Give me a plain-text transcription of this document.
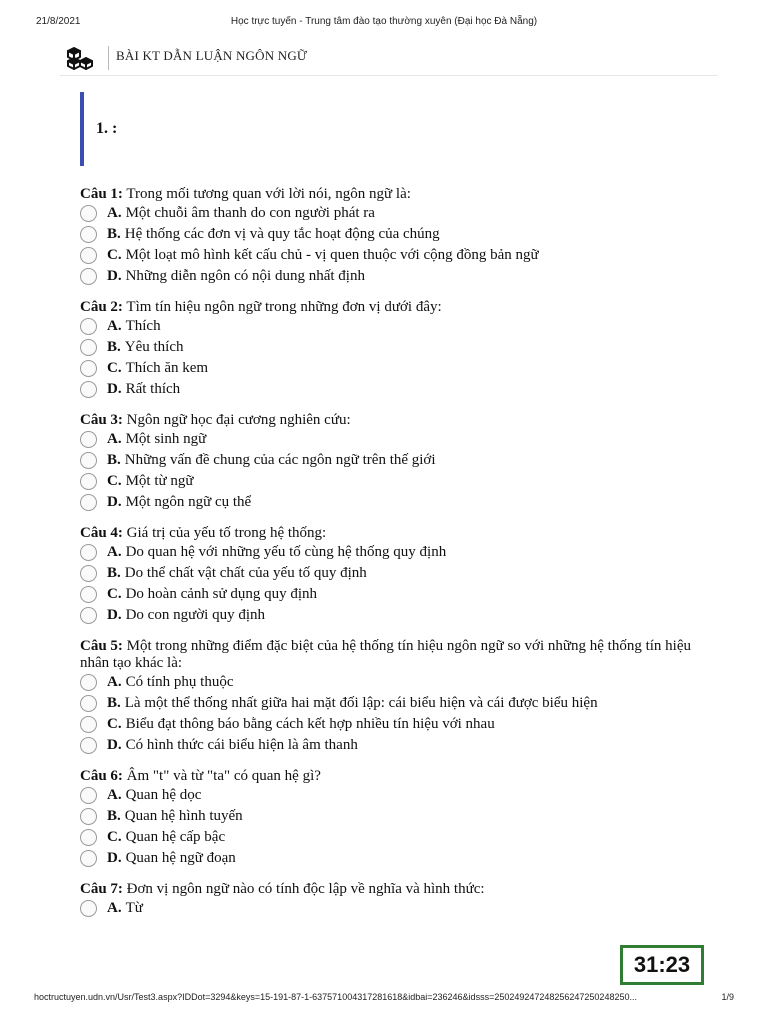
21/8/2021	Học trực tuyến - Trung tâm đào tạo thường xuyên (Đại học Đà Nẵng)
BÀI KT DẪN LUẬN NGÔN NGỮ
1. :
Câu 1: Trong mối tương quan với lời nói, ngôn ngữ là:
A. Một chuỗi âm thanh do con người phát ra
B. Hệ thống các đơn vị và quy tắc hoạt động của chúng
C. Một loạt mô hình kết cấu chủ - vị quen thuộc với cộng đồng bản ngữ
D. Những diễn ngôn có nội dung nhất định
Câu 2: Tìm tín hiệu ngôn ngữ trong những đơn vị dưới đây:
A. Thích
B. Yêu thích
C. Thích ăn kem
D. Rất thích
Câu 3: Ngôn ngữ học đại cương nghiên cứu:
A. Một sinh ngữ
B. Những vấn đề chung của các ngôn ngữ trên thế giới
C. Một từ ngữ
D. Một ngôn ngữ cụ thể
Câu 4: Giá trị của yếu tố trong hệ thống:
A. Do quan hệ với những yếu tố cùng hệ thống quy định
B. Do thể chất vật chất của yếu tố quy định
C. Do hoàn cảnh sử dụng quy định
D. Do con người quy định
Câu 5: Một trong những điểm đặc biệt của hệ thống tín hiệu ngôn ngữ so với những hệ thống tín hiệu nhân tạo khác là:
A. Có tính phụ thuộc
B. Là một thể thống nhất giữa hai mặt đối lập: cái biểu hiện và cái được biểu hiện
C. Biểu đạt thông báo bằng cách kết hợp nhiều tín hiệu với nhau
D. Có hình thức cái biểu hiện là âm thanh
Câu 6: Âm "t" và từ "ta" có quan hệ gì?
A. Quan hệ dọc
B. Quan hệ hình tuyến
C. Quan hệ cấp bậc
D. Quan hệ ngữ đoạn
Câu 7: Đơn vị ngôn ngữ nào có tính độc lập về nghĩa và hình thức:
A. Từ
31:23
hoctructuyen.udn.vn/Usr/Test3.aspx?IDDot=3294&keys=15-191-87-1-637571004317281618&idbai=236246&idsss=250249247248256247250248250...	1/9
